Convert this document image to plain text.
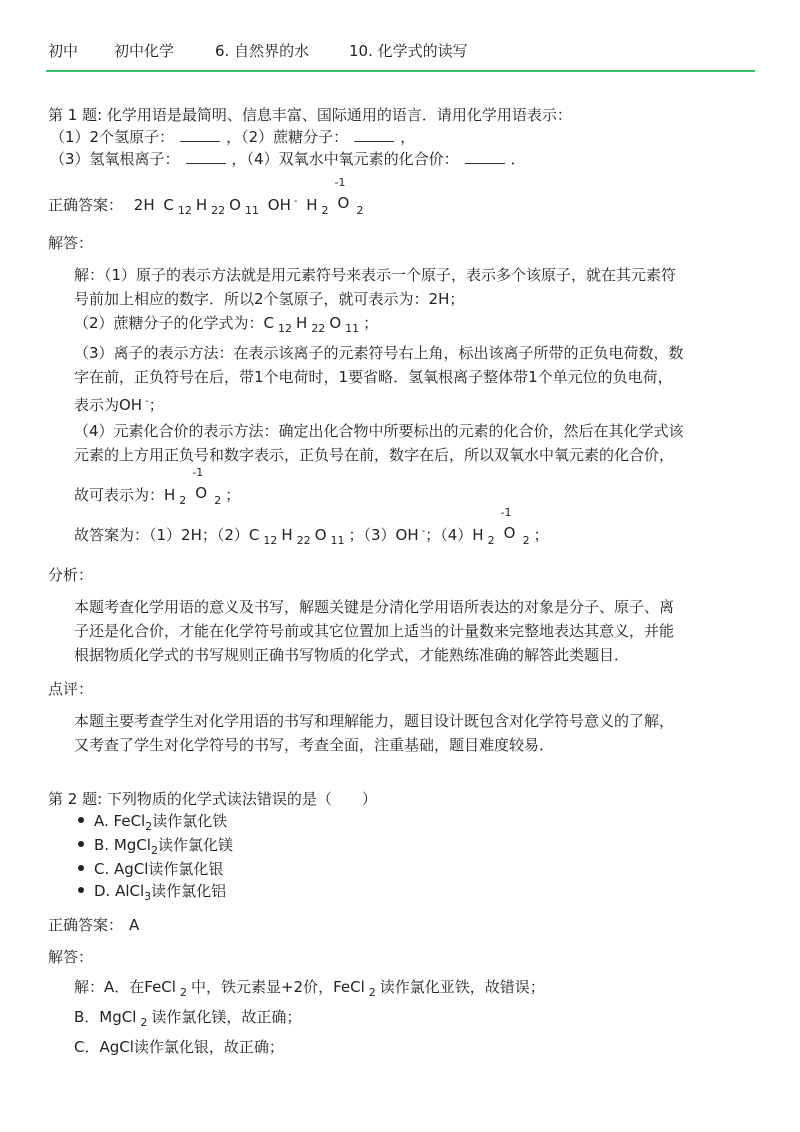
初中 初中化学	6. 自然界的水	10. 化学式的读写
第 1 题: 化学用语是最简明、信息丰富、国际通用的语言．请用化学用语表示：
（1）2个氢原子：	，（2）蔗糖分子：	，
（3）氢氧根离子：	，（4）双氧水中氧元素的化合价：	．
正确答案： 2H C $_{12}$ H $_{22}$ O $_{11}$ OH - H $_2$
-1
O $_2$
解答：
解：（1）原子的表示方法就是用元素符号来表示一个原子，表示多个该原子，就在其元素符
号前加上相应的数字．所以2个氢原子，就可表示为：2H；
（2）蔗糖分子的化学式为：C $_{12}$ H $_{22}$ O $_{11}$ ；
（3）离子的表示方法：在表示该离子的元素符号右上角，标出该离子所带的正负电荷数，数
字在前，正负符号在后，带1个电荷时，1要省略．氢氧根离子整体带1个单元位的负电荷，
表示为OH -；
（4）元素化合价的表示方法：确定出化合物中所要标出的元素的化合价，然后在其化学式该
元素的上方用正负号和数字表示，正负号在前，数字在后，所以双氧水中氧元素的化合价，
故可表示为：H $_2$
-1
O $_2$ ；
故答案为：（1）2H；（2）C $_{12}$ H $_{22}$ O $_{11}$ ；（3）OH -；（4）H $_2$
-1
O $_2$ ；
分析：
本题考查化学用语的意义及书写，解题关键是分清化学用语所表达的对象是分子、原子、离
子还是化合价，才能在化学符号前或其它位置加上适当的计量数来完整地表达其意义，并能
根据物质化学式的书写规则正确书写物质的化学式，才能熟练准确的解答此类题目．
点评：
本题主要考查学生对化学用语的书写和理解能力，题目设计既包含对化学符号意义的了解，
又考查了学生对化学符号的书写，考查全面，注重基础，题目难度较易．
第 2 题: 下列物质的化学式读法错误的是（　　）
A. FeCl$_2$读作氯化铁
B. MgCl$_2$读作氯化镁
C. AgCl读作氯化银
D. AlCl$_3$读作氯化铝
正确答案： A
解答：
解：A．在FeCl $_2$ 中，铁元素显+2价，FeCl $_2$ 读作氯化亚铁，故错误；
B．MgCl $_2$ 读作氯化镁，故正确；
C．AgCl读作氯化银，故正确；
